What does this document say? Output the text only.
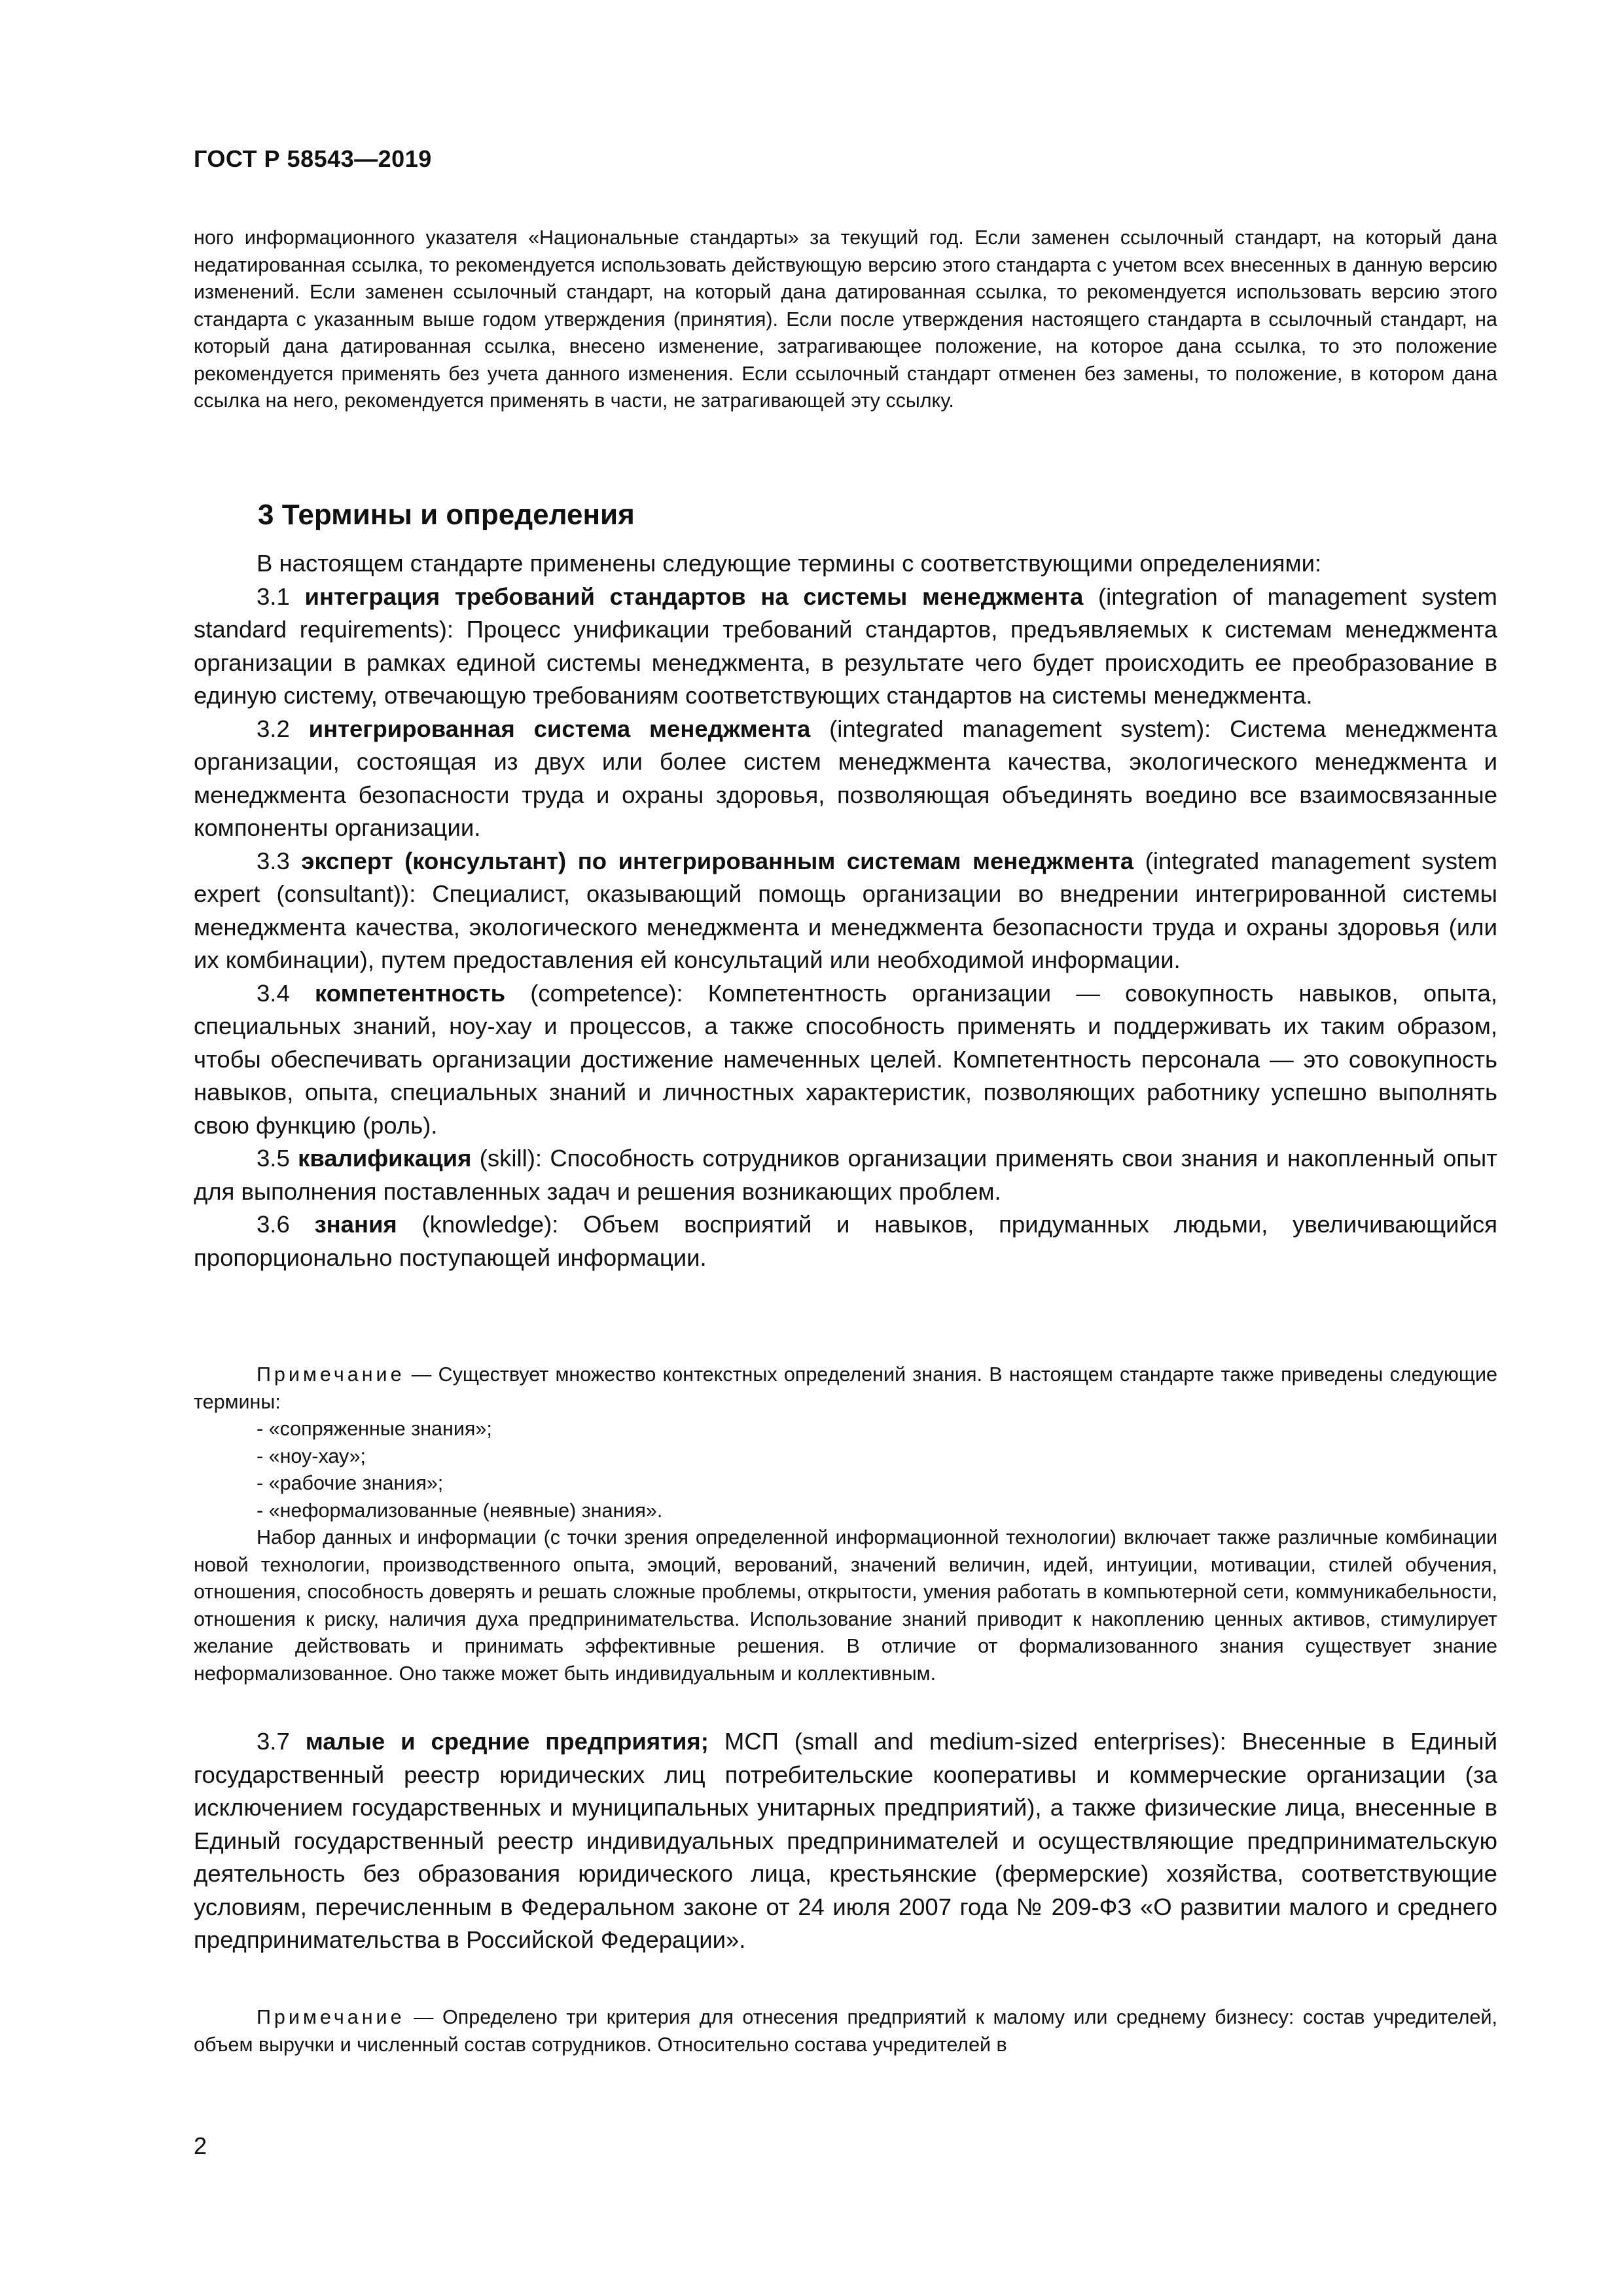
ГОСТ Р 58543—2019
ного информационного указателя «Национальные стандарты» за текущий год. Если заменен ссылочный стандарт, на который дана недатированная ссылка, то рекомендуется использовать действующую версию этого стандарта с учетом всех внесенных в данную версию изменений. Если заменен ссылочный стандарт, на который дана датированная ссылка, то рекомендуется использовать версию этого стандарта с указанным выше годом утверждения (принятия). Если после утверждения настоящего стандарта в ссылочный стандарт, на который дана датированная ссылка, внесено изменение, затрагивающее положение, на которое дана ссылка, то это положение рекомендуется применять без учета данного изменения. Если ссылочный стандарт отменен без замены, то положение, в котором дана ссылка на него, рекомендуется применять в части, не затрагивающей эту ссылку.
3 Термины и определения

В настоящем стандарте применены следующие термины с соответствующими определениями:

3.1 интеграция требований стандартов на системы менеджмента (integration of management system standard requirements): Процесс унификации требований стандартов, предъявляемых к системам менеджмента организации в рамках единой системы менеджмента, в результате чего будет происходить ее преобразование в единую систему, отвечающую требованиям соответствующих стандартов на системы менеджмента.

3.2 интегрированная система менеджмента (integrated management system): Система менеджмента организации, состоящая из двух или более систем менеджмента качества, экологического менеджмента и менеджмента безопасности труда и охраны здоровья, позволяющая объединять воедино все взаимосвязанные компоненты организации.

3.3 эксперт (консультант) по интегрированным системам менеджмента (integrated management system expert (consultant)): Специалист, оказывающий помощь организации во внедрении интегрированной системы менеджмента качества, экологического менеджмента и менеджмента безопасности труда и охраны здоровья (или их комбинации), путем предоставления ей консультаций или необходимой информации.

3.4 компетентность (competence): Компетентность организации — совокупность навыков, опыта, специальных знаний, ноу-хау и процессов, а также способность применять и поддерживать их таким образом, чтобы обеспечивать организации достижение намеченных целей. Компетентность персонала — это совокупность навыков, опыта, специальных знаний и личностных характеристик, позволяющих работнику успешно выполнять свою функцию (роль).

3.5 квалификация (skill): Способность сотрудников организации применять свои знания и накопленный опыт для выполнения поставленных задач и решения возникающих проблем.

3.6 знания (knowledge): Объем восприятий и навыков, придуманных людьми, увеличивающийся пропорционально поступающей информации.

Примечание — Существует множество контекстных определений знания. В настоящем стандарте также приведены следующие термины:

- «сопряженные знания»;

- «ноу-хау»;

- «рабочие знания»;

- «неформализованные (неявные) знания».

Набор данных и информации (с точки зрения определенной информационной технологии) включает также различные комбинации новой технологии, производственного опыта, эмоций, верований, значений величин, идей, интуиции, мотивации, стилей обучения, отношения, способность доверять и решать сложные проблемы, открытости, умения работать в компьютерной сети, коммуникабельности, отношения к риску, наличия духа предпринимательства. Использование знаний приводит к накоплению ценных активов, стимулирует желание действовать и принимать эффективные решения. В отличие от формализованного знания существует знание неформализованное. Оно также может быть индивидуальным и коллективным.

3.7 малые и средние предприятия; МСП (small and medium-sized enterprises): Внесенные в Единый государственный реестр юридических лиц потребительские кооперативы и коммерческие организации (за исключением государственных и муниципальных унитарных предприятий), а также физические лица, внесенные в Единый государственный реестр индивидуальных предпринимателей и осуществляющие предпринимательскую деятельность без образования юридического лица, крестьянские (фермерские) хозяйства, соответствующие условиям, перечисленным в Федеральном законе от 24 июля 2007 года № 209-ФЗ «О развитии малого и среднего предпринимательства в Российской Федерации».

Примечание — Определено три критерия для отнесения предприятий к малому или среднему бизнесу: состав учредителей, объем выручки и численный состав сотрудников. Относительно состава учредителей в

2
